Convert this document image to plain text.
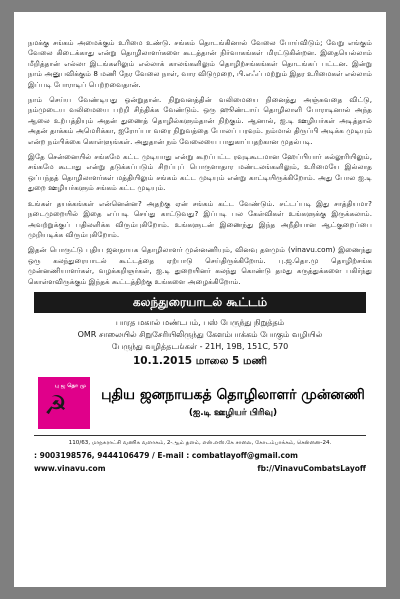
நமக்கு சங்கம் அமைக்கும் உரிமை உண்டு. சங்கம் தொடங்கினால் வேலை போய்விடும்; வேறு எங்கும் வேலை கிடைக்காது என்று தொழிலாளர்களை கூடத்தான் நிர்வாகங்கள் மிரட்டுகின்றன. இதையெல்லாம் மீறித்தான் எல்லா இடங்களிலும் எல்லாக் காலங்களிலும் தொழிற்சங்கங்கள் தொடங்கப் பட்டன. இன்று நாம் அனுபவிக்கும் 8 மணி நேர வேலை நாள், வார விடுமுறை, பி.எஃப் மற்றும் இதர உரிமைகள் எல்லாம் இப்படி போராடிப் பெற்றவைதான்.

நாம் செய்ய வேண்டியது ஒன்றுதான். நிறுவனத்தின் வலிமையை நினைத்து அஞ்சுவதை விட்டு, நம்முடைய வலிமையை பற்றி சிந்திக்க வேண்டும். ஒரு ஹூண்டாய் தொழிலாளி போராடினால் அந்த ஆலை உற்பத்தியும் அதன் துணைத் தொழில்களும்தான் நிற்கும். ஆனால், ஐ.டி ஊழியர்கள் அடித்தால் அதன் தாக்கம் அமெரிக்கா, ஐரோப்பா வரை நிறுவத்தை போலப் பரவும். நம்மால் திருப்பி அடிக்க முடியும் என்ற நம்பிக்கை கொள்ளுங்கள். அதுதான் நம் வேலையை பாதுகாப்பதற்கான முதல்படி.

இதே சென்னையில் சங்கமே கட்ட முடியாது என்று கூறப்பட்ட ரவுடிகூடமான ஹேப்பியார் கல்லூரியிலும், சங்கமே கூடாது என்று தடுக்கப்படும் சிறப்புப் பொருளாதார மண்டலங்களிலும், உரிமையே இல்லாத ஒப்பந்தத் தொழிலாளர்கள் மத்தியிலும் சங்கம் கட்ட முடியும் என்று காட்டியிருக்கிறோம். அது போல ஐ.டி துறை ஊழியர்களும் சங்கம் கட்ட முடியும்.

உங்கள் தயக்கங்கள் என்னென்ன? அதற்கு ஏன் சங்கம் கட்ட வேண்டும். சட்டப்படி இது சாத்தியமா? நடைமுறையில் இதை எப்படி செய்து காட்டுவது? இப்படி பல கேள்விகள் உங்களுக்கு இருக்கலாம். அவற்றுக்குப் பதிலளிக்க விரும்புகிறோம். உங்களுடன் இணைந்து இந்த அநீதியான ஆட்குறைப்பை முறியடிக்க விரும்புகிறோம்.

இதன் பொருட்டு புதிய ஜனநாயக தொழிலாளர் முன்னணியும், வினவு தளமும் (vinavu.com) இணைந்து ஒரு கலந்துரையாடல் கூட்டத்தை ஏற்பாடு செய்திருக்கிறோம். பு.ஜ.தொ.மு தொழிற்சங்க முன்னணியாளர்கள், வழக்கறிஞர்கள், ஐ.டி துறையினர் கலந்து கொண்டு தமது கருத்துக்களை பகிர்ந்து கொள்ளவிருக்கும் இந்தக் கூட்டத்திற்கு உங்களை அழைக்கிறோம்.

கலந்துரையாடல் கூட்டம்
பாரத மகால் மண்டபம், பஸ் பேருந்து நிறுத்தம்
OMR சாலையில் சிறுசேரியிலிருந்து கேளம்பாக்கம் போகும் வழியில்
பேருந்து வழித்தடங்கள் - 21H, 19B, 151C, 570
10.1.2015 மாலை 5 மணி
பு ஜ தொ மு
☭ புதிய ஜனநாயகத் தொழிலாளர் முன்னணி
(ஐ.டி ஊழியர் பிரிவு)
110/63, மாநகராட்சி வணிக வளாகம், 2-ஆம் தளம், என்.எஸ்.கே சாலை, கோடம்பாக்கம், சென்னை-24.
: 9003198576, 9444106479 / E-mail : combatlayoff@gmail.com
www.vinavu.com	fb://VinavuCombatsLayoff
